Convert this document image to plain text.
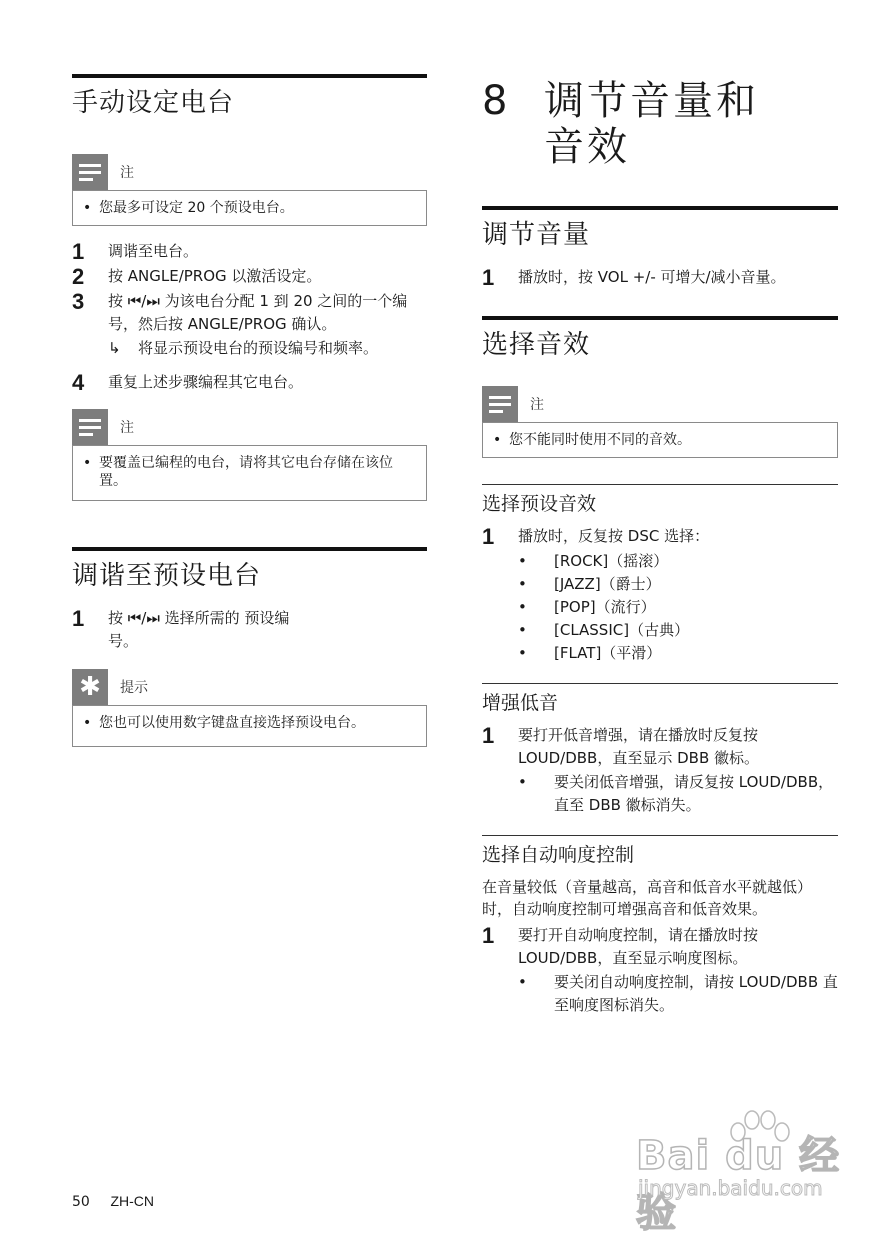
手动设定电台
注
• 您最多可设定 20 个预设电台。
1	调谐至电台。
2	按 ANGLE/PROG 以激活设定。
3	按 ⏮/⏭ 为该电台分配 1 到 20 之间的一个编号，然后按 ANGLE/PROG 确认。
↳	将显示预设电台的预设编号和频率。
4	重复上述步骤编程其它电台。
注
• 要覆盖已编程的电台，请将其它电台存储在该位置。
调谐至预设电台
1	按 ⏮/⏭ 选择所需的 预设编号。
✱	提示
• 您也可以使用数字键盘直接选择预设电台。
8 调节音量和音效
调节音量
1	播放时，按 VOL +/- 可增大/减小音量。
选择音效
注
• 您不能同时使用不同的音效。
选择预设音效
1	播放时，反复按 DSC 选择：
•	[ROCK]（摇滚）
•	[JAZZ]（爵士）
•	[POP]（流行）
•	[CLASSIC]（古典）
•	[FLAT]（平滑）
增强低音
1	要打开低音增强，请在播放时反复按 LOUD/DBB，直至显示 DBB 徽标。
•	要关闭低音增强，请反复按 LOUD/DBB，直至 DBB 徽标消失。
选择自动响度控制
在音量较低（音量越高，高音和低音水平就越低）时，自动响度控制可增强高音和低音效果。
1	要打开自动响度控制，请在播放时按 LOUD/DBB，直至显示响度图标。
•	要关闭自动响度控制，请按 LOUD/DBB 直至响度图标消失。
50 ZH-CN
Bai du 经验
jingyan.baidu.com
